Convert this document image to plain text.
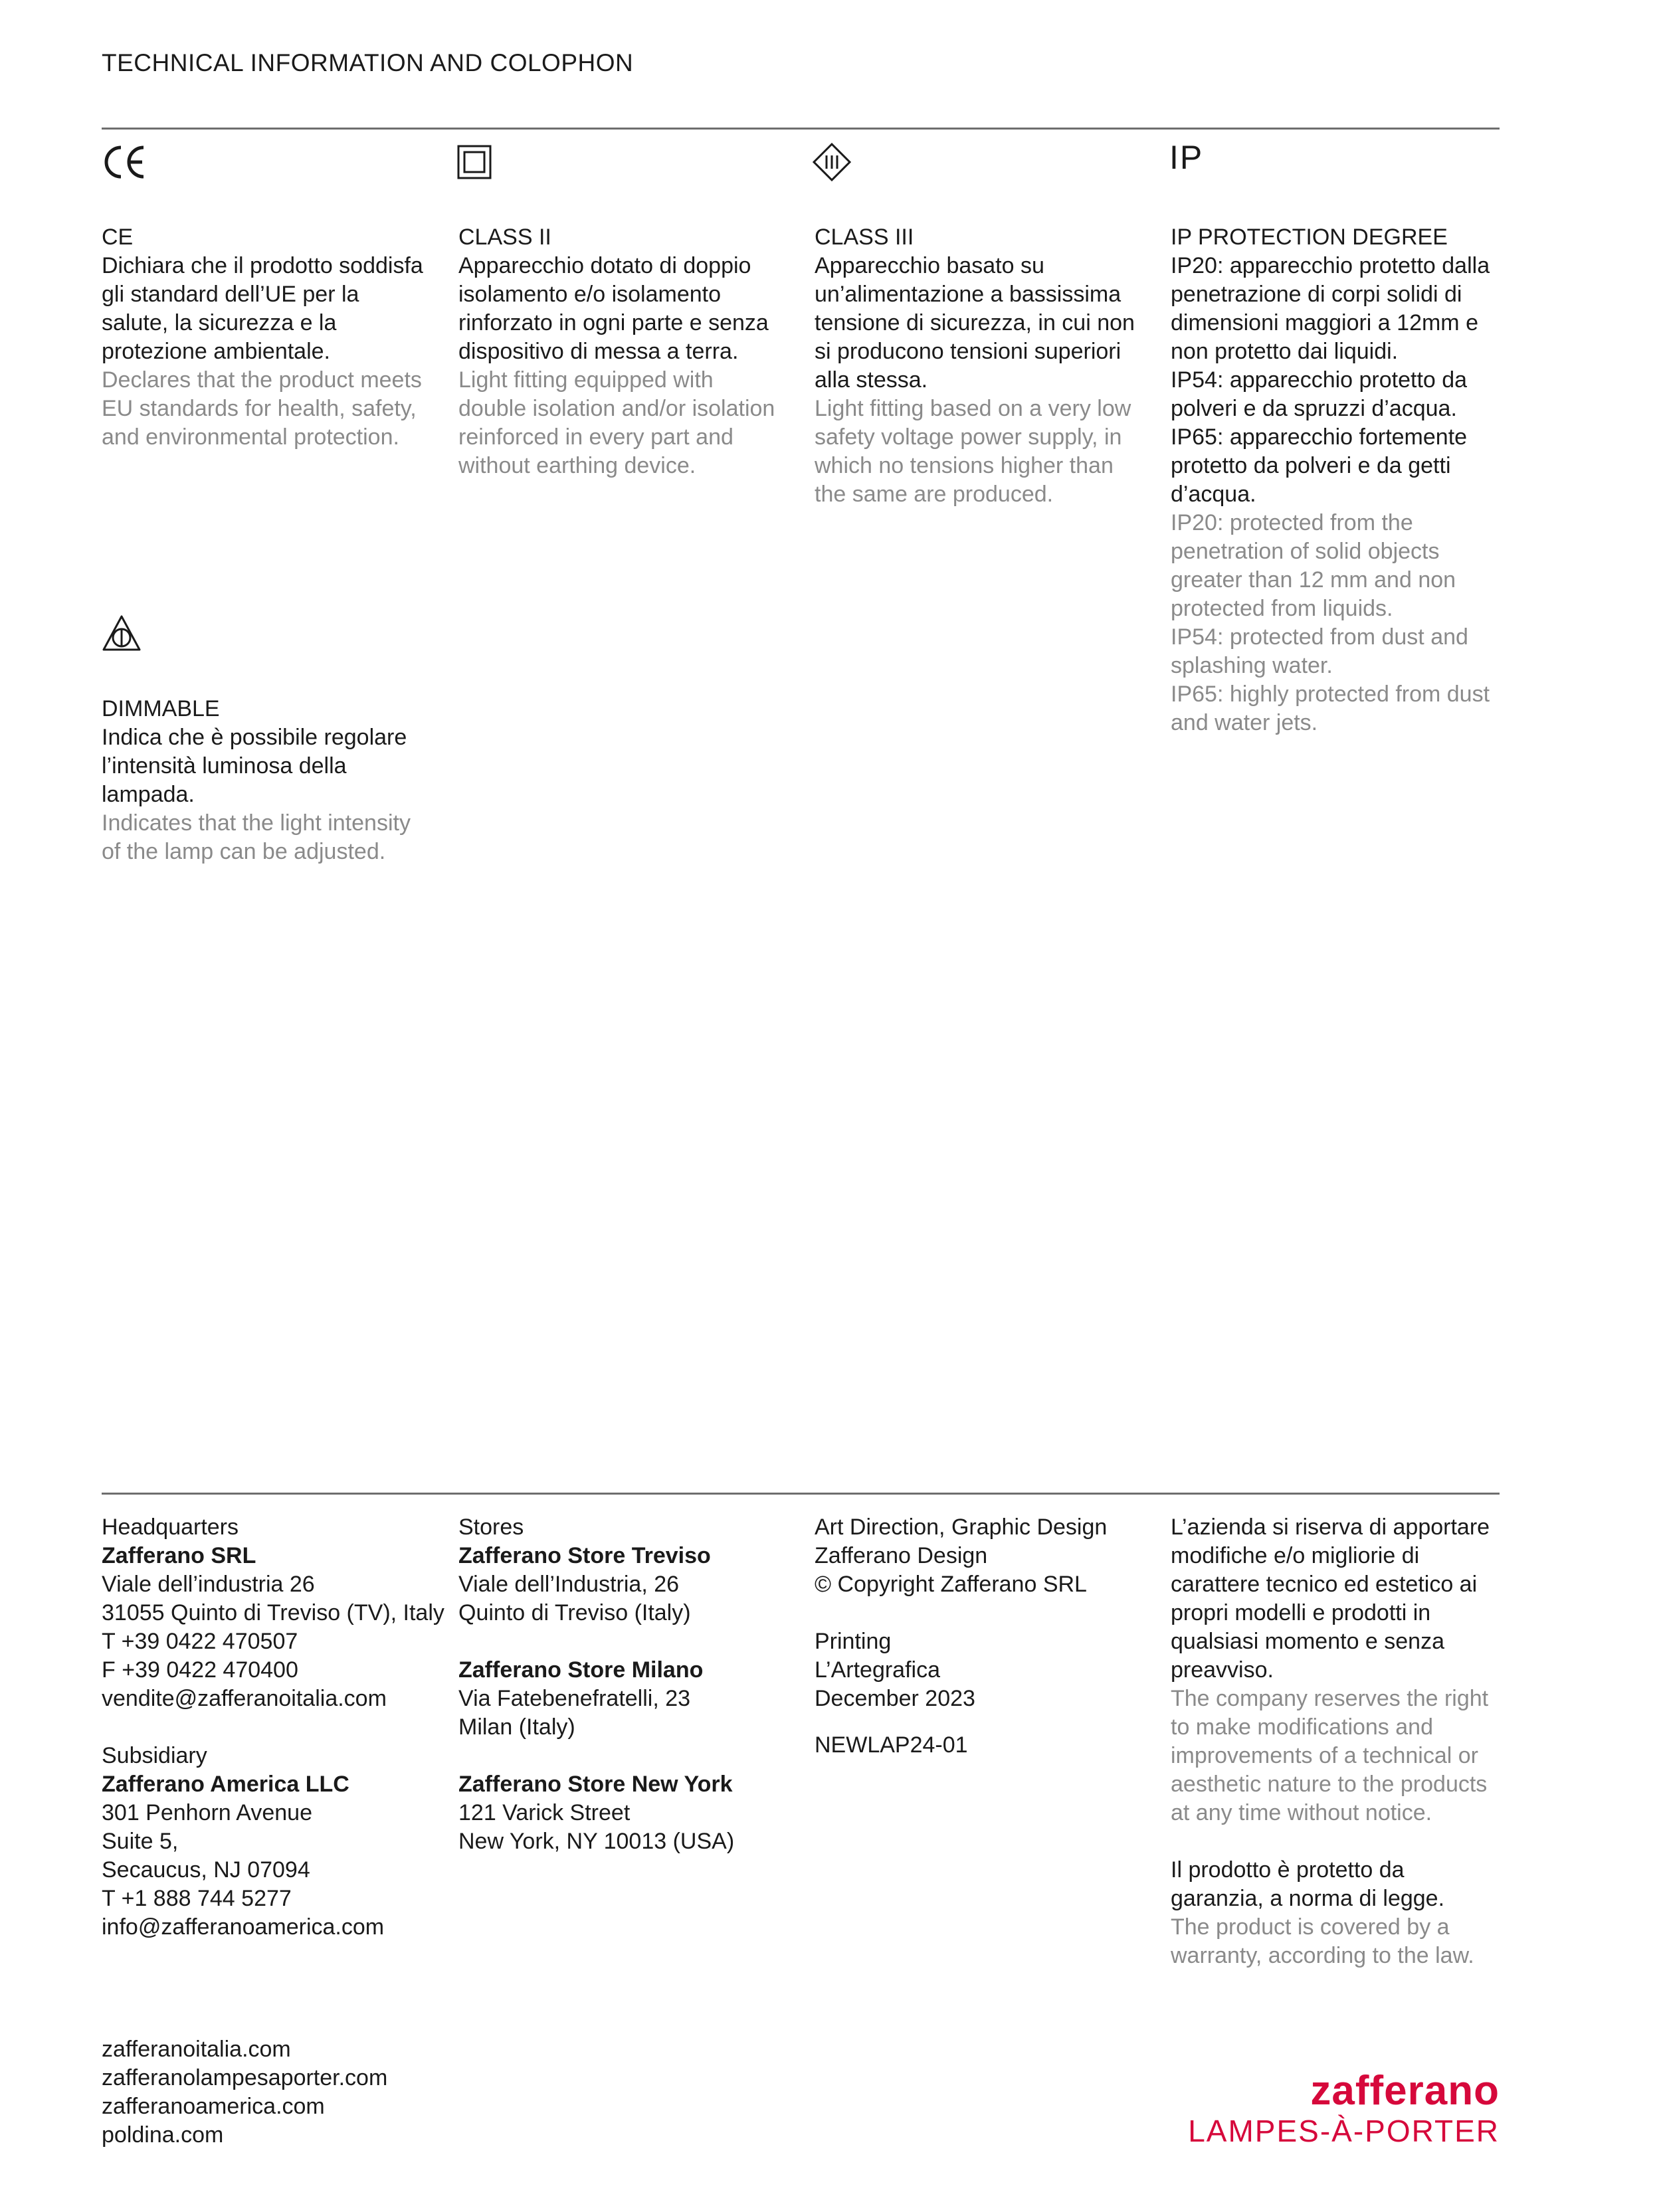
TECHNICAL INFORMATION AND COLOPHON
IP

CE

Dichiara che il prodotto soddisfa gli standard dell’UE per la salute, la sicurezza e la protezione ambientale.

Declares that the product meets EU standards for health, safety, and environmental protection.

CLASS II

Apparecchio dotato di doppio isolamento e/o isolamento rinforzato in ogni parte e senza dispositivo di messa a terra.

Light fitting equipped with double isolation and/or isolation reinforced in every part and without earthing device.

CLASS III

Apparecchio basato su un’alimentazione a bassissima tensione di sicurezza, in cui non si producono tensioni superiori alla stessa.

Light fitting based on a very low safety voltage power supply, in which no tensions higher than the same are produced.

IP PROTECTION DEGREE

IP20: apparecchio protetto dalla penetrazione di corpi solidi di dimensioni maggiori a 12mm e non protetto dai liquidi.

IP54: apparecchio protetto da polveri e da spruzzi d’acqua.

IP65: apparecchio fortemente protetto da polveri e da getti d’acqua.

IP20: protected from the penetration of solid objects greater than 12 mm and non protected from liquids.

IP54: protected from dust and splashing water.

IP65: highly protected from dust and water jets.

DIMMABLE

Indica che è possibile regolare l’intensità luminosa della lampada.

Indicates that the light intensity of the lamp can be adjusted.

Headquarters

Zafferano SRL

Viale dell’industria 26

31055 Quinto di Treviso (TV), Italy

T +39 0422 470507

F +39 0422 470400

vendite@zafferanoitalia.com

Subsidiary

Zafferano America LLC

301 Penhorn Avenue

Suite 5,

Secaucus, NJ 07094

T +1 888 744 5277

info@zafferanoamerica.com

zafferanoitalia.com

zafferanolampesaporter.com

zafferanoamerica.com

poldina.com

Stores

Zafferano Store Treviso

Viale dell’Industria, 26

Quinto di Treviso (Italy)

Zafferano Store Milano

Via Fatebenefratelli, 23

Milan (Italy)

Zafferano Store New York

121 Varick Street

New York, NY 10013 (USA)

Art Direction, Graphic Design

Zafferano Design

© Copyright Zafferano SRL

Printing

L’Artegrafica

December 2023

NEWLAP24-01

L’azienda si riserva di apportare modifiche e/o migliorie di carattere tecnico ed estetico ai propri modelli e prodotti in qualsiasi momento e senza preavviso.

The company reserves the right to make modifications and improvements of a technical or aesthetic nature to the products at any time without notice.

Il prodotto è protetto da garanzia, a norma di legge.

The product is covered by a warranty, according to the law.

zafferano
LAMPES-À-PORTER
